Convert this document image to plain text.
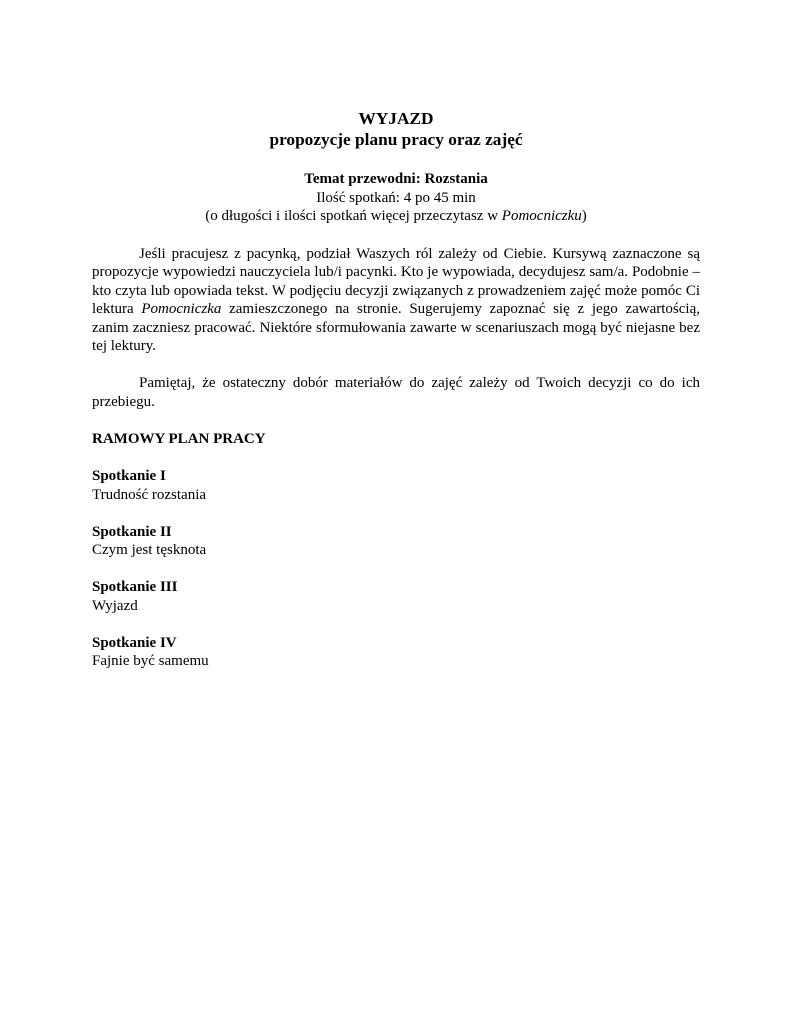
WYJAZD

propozycje planu pracy oraz zajęć

Temat przewodni: Rozstania
Ilość spotkań: 4 po 45 min
(o długości i ilości spotkań więcej przeczytasz w Pomocniczku)

Jeśli pracujesz z pacynką, podział Waszych ról zależy od Ciebie. Kursywą zaznaczone są propozycje wypowiedzi nauczyciela lub/i pacynki. Kto je wypowiada, decydujesz sam/a. Podobnie – kto czyta lub opowiada tekst. W podjęciu decyzji związanych z prowadzeniem zajęć może pomóc Ci lektura Pomocniczka zamieszczonego na stronie. Sugerujemy zapoznać się z jego zawartością, zanim zaczniesz pracować. Niektóre sformułowania zawarte w scenariuszach mogą być niejasne bez tej lektury.

Pamiętaj, że ostateczny dobór materiałów do zajęć zależy od Twoich decyzji co do ich przebiegu.

RAMOWY PLAN PRACY
Spotkanie I
Trudność rozstania
Spotkanie II
Czym jest tęsknota
Spotkanie III
Wyjazd
Spotkanie IV
Fajnie być samemu
